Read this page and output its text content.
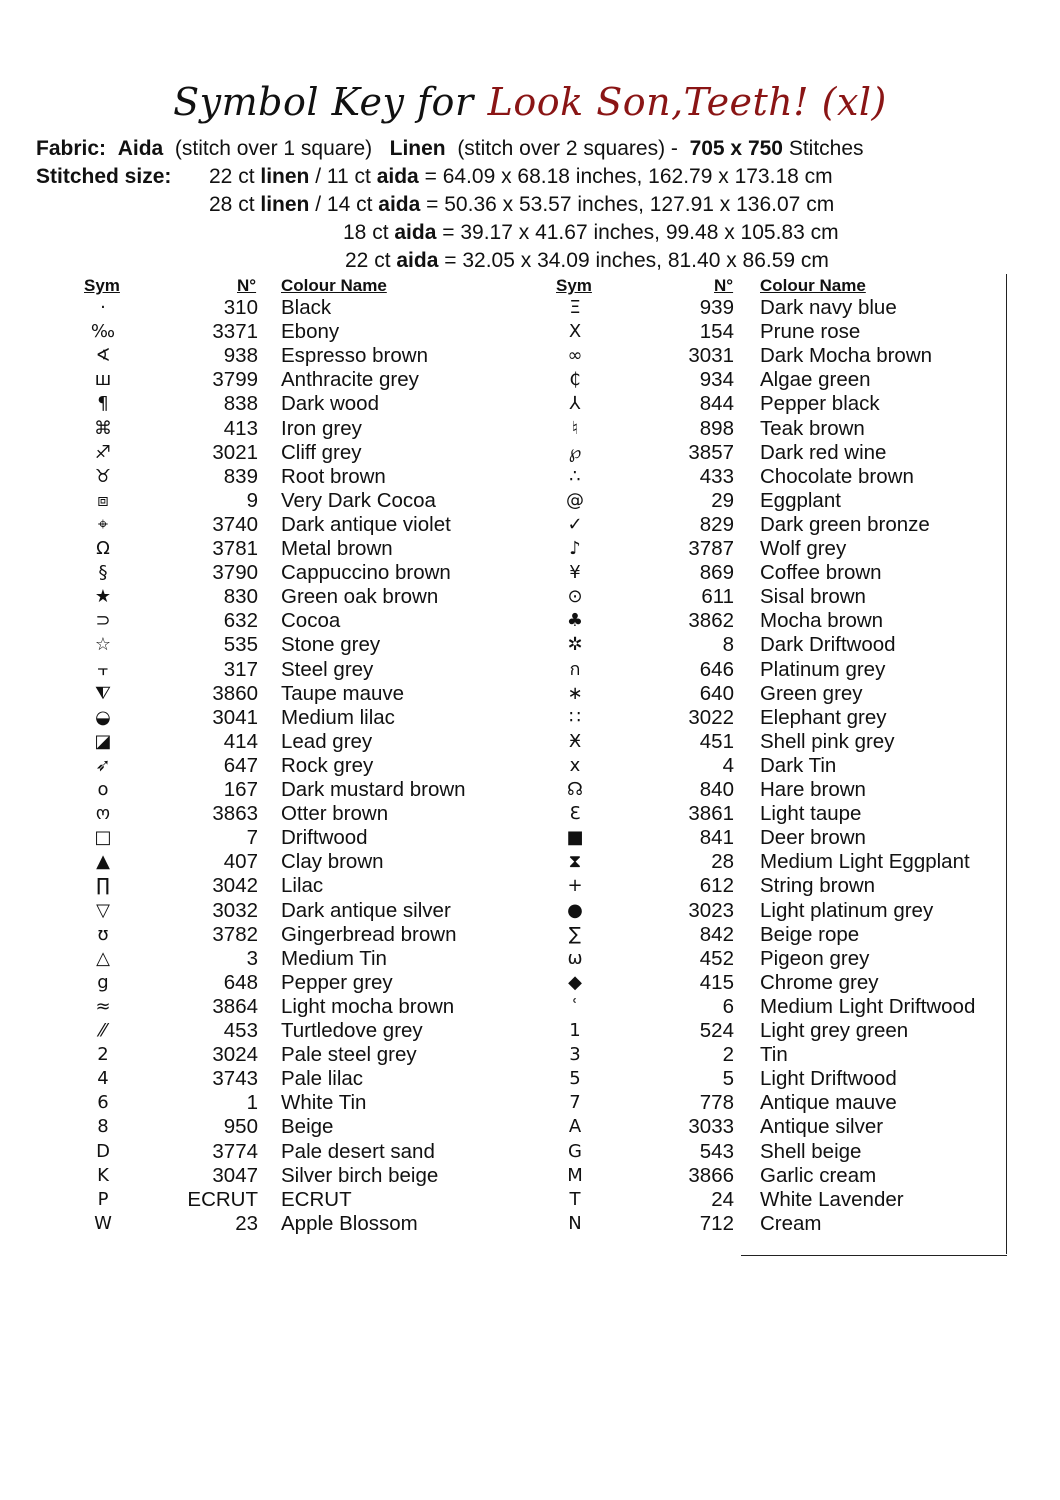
Symbol Key for Look Son,Teeth! (xl)
Fabric: Aida (stitch over 1 square) Linen (stitch over 2 squares) - 705 x 750 Stitches
Stitched size: 22 ct linen / 11 ct aida = 64.09 x 68.18 inches, 162.79 x 173.18 cm
28 ct linen / 14 ct aida = 50.36 x 53.57 inches, 127.91 x 136.07 cm
18 ct aida = 39.17 x 41.67 inches, 99.48 x 105.83 cm
22 ct aida = 32.05 x 34.09 inches, 81.40 x 86.59 cm
Sym	N° Colour Name	Sym	N° Colour Name
·	310 Black
‰	3371 Ebony
∢	938 Espresso brown
ш	3799 Anthracite grey
¶	838 Dark wood
⌘	413 Iron grey
♐	3021 Cliff grey
♉	839 Root brown
⧈	9 Very Dark Cocoa
⌖	3740 Dark antique violet
Ω	3781 Metal brown
§	3790 Cappuccino brown
★	830 Green oak brown
⊃	632 Cocoa
☆	535 Stone grey
⫟	317 Steel grey
⧨	3860 Taupe mauve
◒	3041 Medium lilac
◪	414 Lead grey
➶	647 Rock grey
o	167 Dark mustard brown
ო	3863 Otter brown
□	7 Driftwood
▲	407 Clay brown
∏	3042 Lilac
▽	3032 Dark antique silver
ʊ	3782 Gingerbread brown
△	3 Medium Tin
g	648 Pepper grey
≈	3864 Light mocha brown
⁄⁄	453 Turtledove grey
2	3024 Pale steel grey
4	3743 Pale lilac
6	1 White Tin
8	950 Beige
D	3774 Pale desert sand
K	3047 Silver birch beige
P	ECRUT ECRUT
W	23 Apple Blossom
Ξ	939 Dark navy blue
X	154 Prune rose
∞	3031 Dark Mocha brown
₵	934 Algae green
⅄	844 Pepper black
♮	898 Teak brown
℘	3857 Dark red wine
∴	433 Chocolate brown
@	29 Eggplant
✓	829 Dark green bronze
♪	3787 Wolf grey
¥	869 Coffee brown
⊙	611 Sisal brown
♣	3862 Mocha brown
✲	8 Dark Driftwood
ก	646 Platinum grey
∗	640 Green grey
∷	3022 Elephant grey
Ӿ	451 Shell pink grey
x	4 Dark Tin
☊	840 Hare brown
Ɛ	3861 Light taupe
■	841 Deer brown
⧗	28 Medium Light Eggplant
+	612 String brown
●	3023 Light platinum grey
∑	842 Beige rope
ω	452 Pigeon grey
◆	415 Chrome grey
ʿ	6 Medium Light Driftwood
1	524 Light grey green
3	2 Tin
5	5 Light Driftwood
7	778 Antique mauve
A	3033 Antique silver
G	543 Shell beige
M	3866 Garlic cream
T	24 White Lavender
N	712 Cream
